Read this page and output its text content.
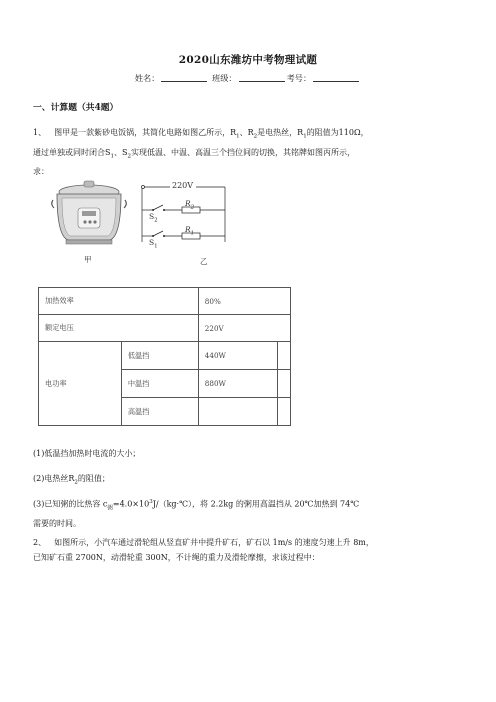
2020山东潍坊中考物理试题
姓名：	班级：	考号：
一、计算题（共4题）
1、 图甲是一款紫砂电饭锅，其简化电路如图乙所示，$R_1$、$R_2$是电热丝，$R_1$的阻值为110Ω，
通过单独或同时闭合$S_1$、$S_2$实现低温、中温、高温三个挡位间的切换，其铭牌如图丙所示，
求：
甲
220V
$R_2$
$R_1$
$S_2$
$S_1$
乙
加热效率		80%	
额定电压		220V	
电功率	低温挡	440W	
	中温挡	880W	
	高温挡		
(1)低温挡加热时电流的大小；
(2)电热丝$R_2$的阻值；
(3)已知粥的比热容 $c_粥=4.0\times 10^3J/(kg\cdot℃)$，将 2.2kg 的粥用高温挡从 20℃加热到 74℃
需要的时间。
2、 如图所示，小汽车通过滑轮组从竖直矿井中提升矿石，矿石以 1m/s 的速度匀速上升 8m，
已知矿石重 2700N，动滑轮重 300N，不计绳的重力及滑轮摩擦，求该过程中：
